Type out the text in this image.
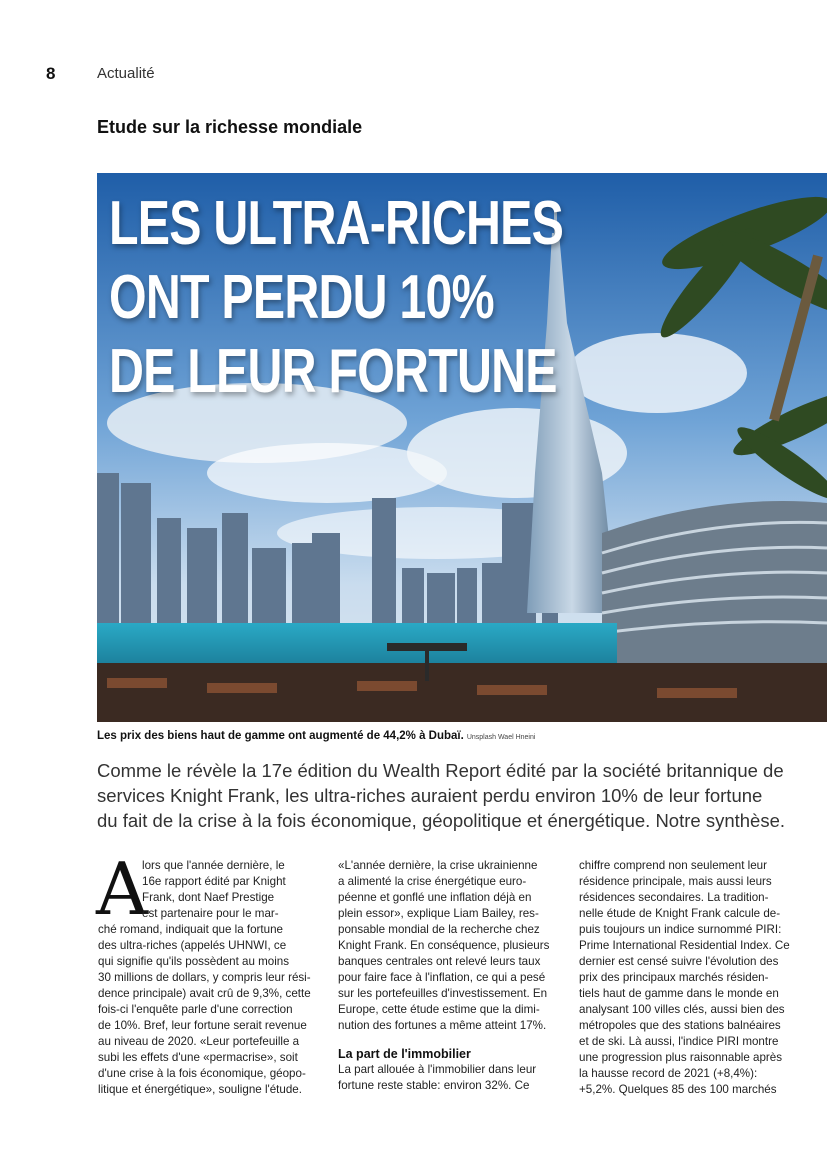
8	Actualité
Etude sur la richesse mondiale
LES ULTRA-RICHES
ONT PERDU 10%
DE LEUR FORTUNE
Les prix des biens haut de gamme ont augmenté de 44,2% à Dubaï. Unsplash Wael Hneini

Comme le révèle la 17e édition du Wealth Report édité par la société britannique de
services Knight Frank, les ultra-riches auraient perdu environ 10% de leur fortune
du fait de la crise à la fois économique, géopolitique et énergétique. Notre synthèse.

A
lors que l'année dernière, le
16e rapport édité par Knight
Frank, dont Naef Prestige
est partenaire pour le mar-
ché romand, indiquait que la fortune
des ultra-riches (appelés UHNWI, ce
qui signifie qu'ils possèdent au moins
30 millions de dollars, y compris leur rési-
dence principale) avait crû de 9,3%, cette
fois-ci l'enquête parle d'une correction
de 10%. Bref, leur fortune serait revenue
au niveau de 2020. «Leur portefeuille a
subi les effets d'une «permacrise», soit
d'une crise à la fois économique, géopo-
litique et énergétique», souligne l'étude.
«L'année dernière, la crise ukrainienne
a alimenté la crise énergétique euro-
péenne et gonflé une inflation déjà en
plein essor», explique Liam Bailey, res-
ponsable mondial de la recherche chez
Knight Frank. En conséquence, plusieurs
banques centrales ont relevé leurs taux
pour faire face à l'inflation, ce qui a pesé
sur les portefeuilles d'investissement. En
Europe, cette étude estime que la dimi-
nution des fortunes a même atteint 17%.
La part de l'immobilier
La part allouée à l'immobilier dans leur
fortune reste stable: environ 32%. Ce
chiffre comprend non seulement leur
résidence principale, mais aussi leurs
résidences secondaires. La tradition-
nelle étude de Knight Frank calcule de-
puis toujours un indice surnommé PIRI:
Prime International Residential Index. Ce
dernier est censé suivre l'évolution des
prix des principaux marchés résiden-
tiels haut de gamme dans le monde en
analysant 100 villes clés, aussi bien des
métropoles que des stations balnéaires
et de ski. Là aussi, l'indice PIRI montre
une progression plus raisonnable après
la hausse record de 2021 (+8,4%):
+5,2%. Quelques 85 des 100 marchés
